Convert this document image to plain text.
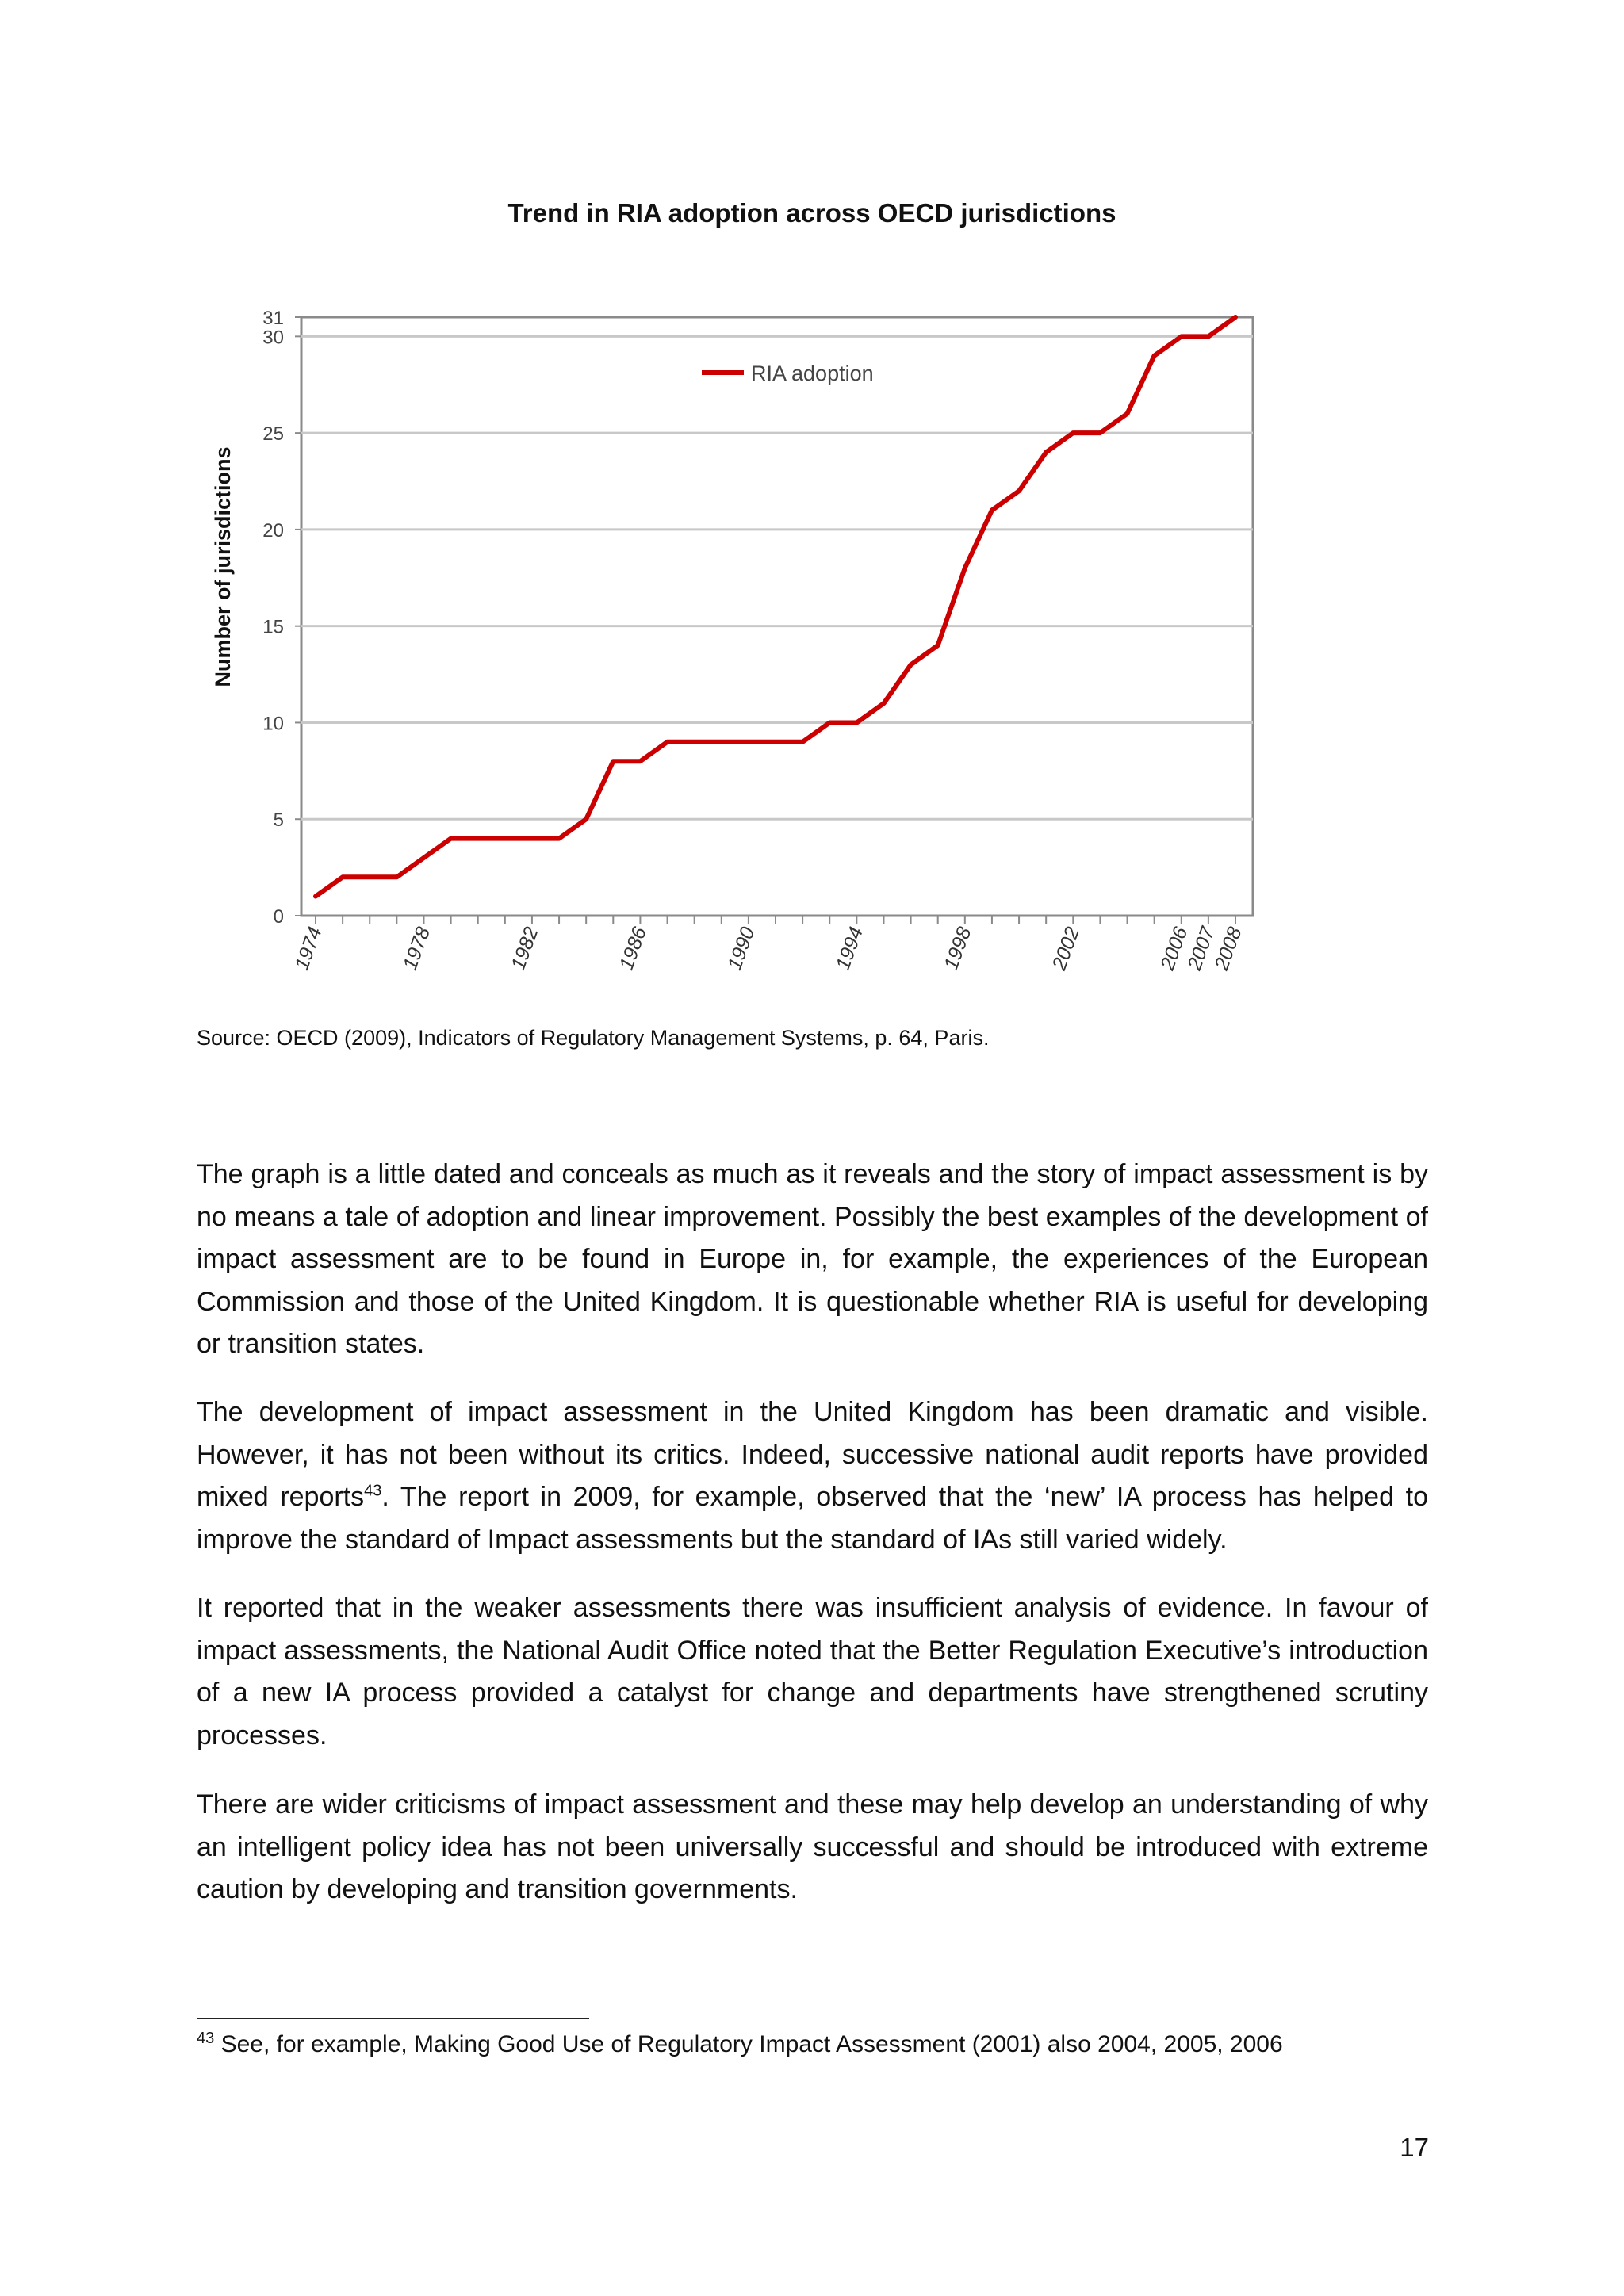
Trend in RIA adoption across OECD jurisdictions
0
5
10
15
20
25
30
31
1974	1978	1982	1986	1990	1994	1998	2002	2006
2007
2008
Number of jurisdictions
RIA adoption
Source: OECD (2009), Indicators of Regulatory Management Systems, p. 64, Paris.

The graph is a little dated and conceals as much as it reveals and the story of impact assessment is by no means a tale of adoption and linear improvement. Possibly the best examples of the development of impact assessment are to be found in Europe in, for example, the experiences of the European Commission and those of the United Kingdom. It is questionable whether RIA is useful for developing or transition states.

The development of impact assessment in the United Kingdom has been dramatic and visible. However, it has not been without its critics. Indeed, successive national audit reports have provided mixed reports$^{43}$. The report in 2009, for example, observed that the ‘new’ IA process has helped to improve the standard of Impact assessments but the standard of IAs still varied widely.

It reported that in the weaker assessments there was insufficient analysis of evidence. In favour of impact assessments, the National Audit Office noted that the Better Regulation Executive’s introduction of a new IA process provided a catalyst for change and departments have strengthened scrutiny processes.

There are wider criticisms of impact assessment and these may help develop an understanding of why an intelligent policy idea has not been universally successful and should be introduced with extreme caution by developing and transition governments.

$^{43}$ See, for example, Making Good Use of Regulatory Impact Assessment (2001) also 2004, 2005, 2006
17
